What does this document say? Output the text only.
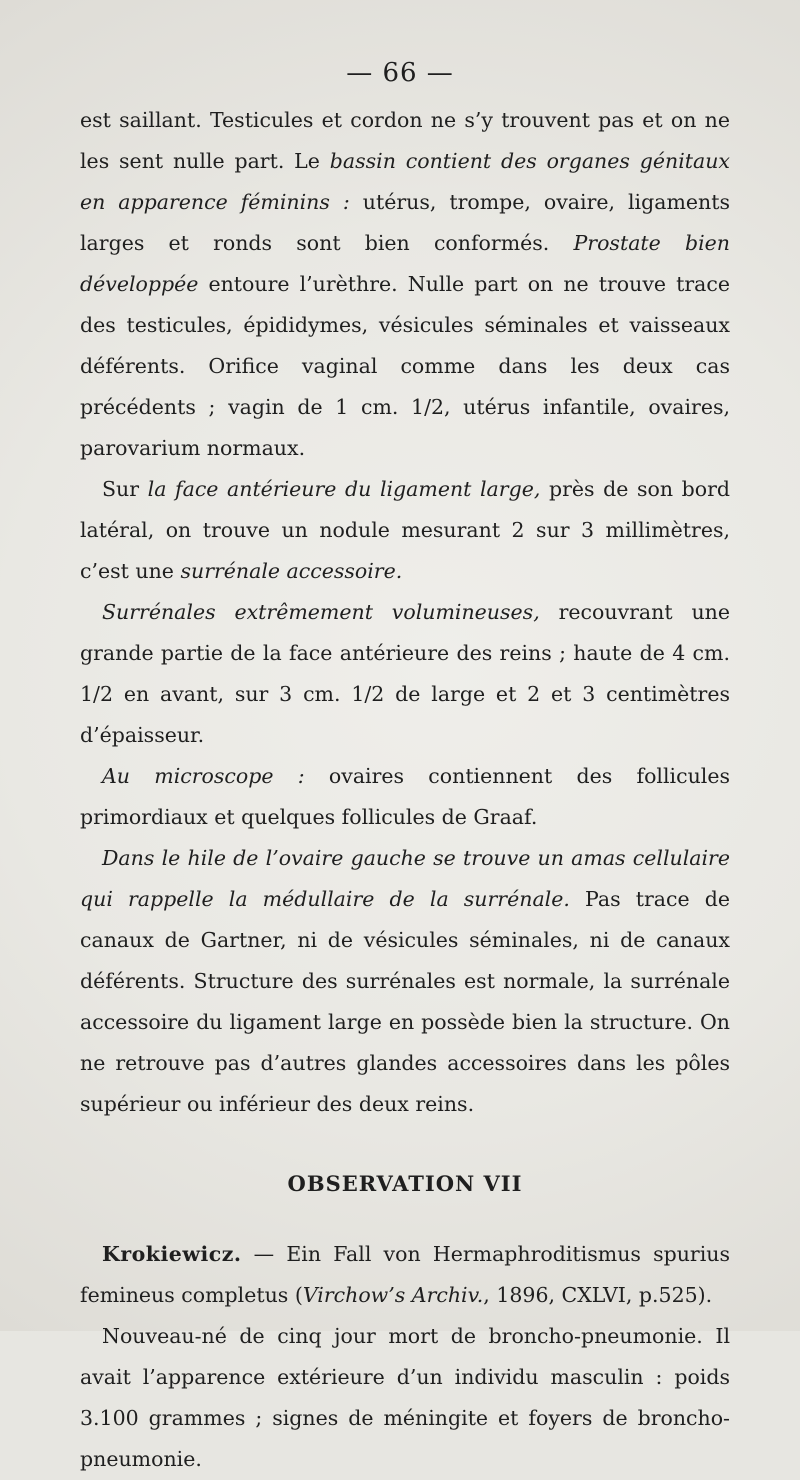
— 66 —

est saillant. Testicules et cordon ne s’y trouvent pas et on ne les sent nulle part. Le bassin contient des organes génitaux en apparence féminins : utérus, trompe, ovaire, ligaments larges et ronds sont bien conformés. Prostate bien développée entoure l’urèthre. Nulle part on ne trouve trace des testicules, épididymes, vésicules séminales et vaisseaux déférents. Orifice vaginal comme dans les deux cas précédents ; vagin de 1 cm. 1/2, utérus infantile, ovaires, parovarium normaux.

Sur la face antérieure du ligament large, près de son bord latéral, on trouve un nodule mesurant 2 sur 3 millimètres, c’est une surrénale accessoire.

Surrénales extrêmement volumineuses, recouvrant une grande partie de la face antérieure des reins ; haute de 4 cm. 1/2 en avant, sur 3 cm. 1/2 de large et 2 et 3 centimètres d’épaisseur.

Au microscope : ovaires contiennent des follicules primordiaux et quelques follicules de Graaf.

Dans le hile de l’ovaire gauche se trouve un amas cellulaire qui rappelle la médullaire de la surrénale. Pas trace de canaux de Gartner, ni de vésicules séminales, ni de canaux déférents. Structure des surrénales est normale, la surrénale accessoire du ligament large en possède bien la structure. On ne retrouve pas d’autres glandes accessoires dans les pôles supérieur ou inférieur des deux reins.

OBSERVATION VII

Krokiewicz. — Ein Fall von Hermaphroditismus spurius femineus completus (Virchow’s Archiv., 1896, CXLVI, p.525).

Nouveau-né de cinq jour mort de broncho-pneumonie. Il avait l’apparence extérieure d’un individu masculin : poids 3.100 grammes ; signes de méningite et foyers de broncho-pneumonie.
